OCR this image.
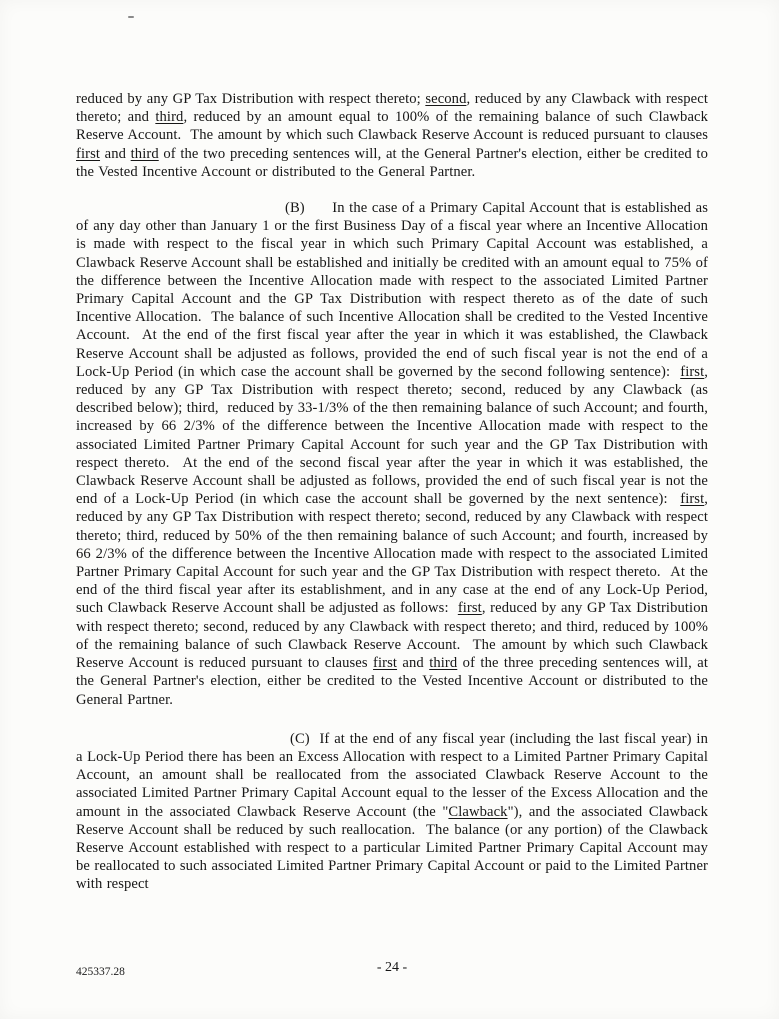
reduced by any GP Tax Distribution with respect thereto; second, reduced by any Clawback with respect thereto; and third, reduced by an amount equal to 100% of the remaining balance of such Clawback Reserve Account.  The amount by which such Clawback Reserve Account is reduced pursuant to clauses first and third of the two preceding sentences will, at the General Partner's election, either be credited to the Vested Incentive Account or distributed to the General Partner.

(B)      In the case of a Primary Capital Account that is established as of any day other than January 1 or the first Business Day of a fiscal year where an Incentive Allocation is made with respect to the fiscal year in which such Primary Capital Account was established, a Clawback Reserve Account shall be established and initially be credited with an amount equal to 75% of the difference between the Incentive Allocation made with respect to the associated Limited Partner Primary Capital Account and the GP Tax Distribution with respect thereto as of the date of such Incentive Allocation.  The balance of such Incentive Allocation shall be credited to the Vested Incentive Account.  At the end of the first fiscal year after the year in which it was established, the Clawback Reserve Account shall be adjusted as follows, provided the end of such fiscal year is not the end of a Lock-Up Period (in which case the account shall be governed by the second following sentence):  first, reduced by any GP Tax Distribution with respect thereto; second, reduced by any Clawback (as described below); third,  reduced by 33-1/3% of the then remaining balance of such Account; and fourth, increased by 66 2/3% of the difference between the Incentive Allocation made with respect to the associated Limited Partner Primary Capital Account for such year and the GP Tax Distribution with respect thereto.  At the end of the second fiscal year after the year in which it was established, the Clawback Reserve Account shall be adjusted as follows, provided the end of such fiscal year is not the end of a Lock-Up Period (in which case the account shall be governed by the next sentence):  first, reduced by any GP Tax Distribution with respect thereto; second, reduced by any Clawback with respect thereto; third, reduced by 50% of the then remaining balance of such Account; and fourth, increased by 66 2/3% of the difference between the Incentive Allocation made with respect to the associated Limited Partner Primary Capital Account for such year and the GP Tax Distribution with respect thereto.  At the end of the third fiscal year after its establishment, and in any case at the end of any Lock-Up Period, such Clawback Reserve Account shall be adjusted as follows:  first, reduced by any GP Tax Distribution with respect thereto; second, reduced by any Clawback with respect thereto; and third, reduced by 100% of the remaining balance of such Clawback Reserve Account.  The amount by which such Clawback Reserve Account is reduced pursuant to clauses first and third of the three preceding sentences will, at the General Partner's election, either be credited to the Vested Incentive Account or distributed to the General Partner.

(C)  If at the end of any fiscal year (including the last fiscal year) in a Lock-Up Period there has been an Excess Allocation with respect to a Limited Partner Primary Capital Account, an amount shall be reallocated from the associated Clawback Reserve Account to the associated Limited Partner Primary Capital Account equal to the lesser of the Excess Allocation and the amount in the associated Clawback Reserve Account (the "Clawback"), and the associated Clawback Reserve Account shall be reduced by such reallocation.  The balance (or any portion) of the Clawback Reserve Account established with respect to a particular Limited Partner Primary Capital Account may be reallocated to such associated Limited Partner Primary Capital Account or paid to the Limited Partner with respect

425337.28	- 24 -
